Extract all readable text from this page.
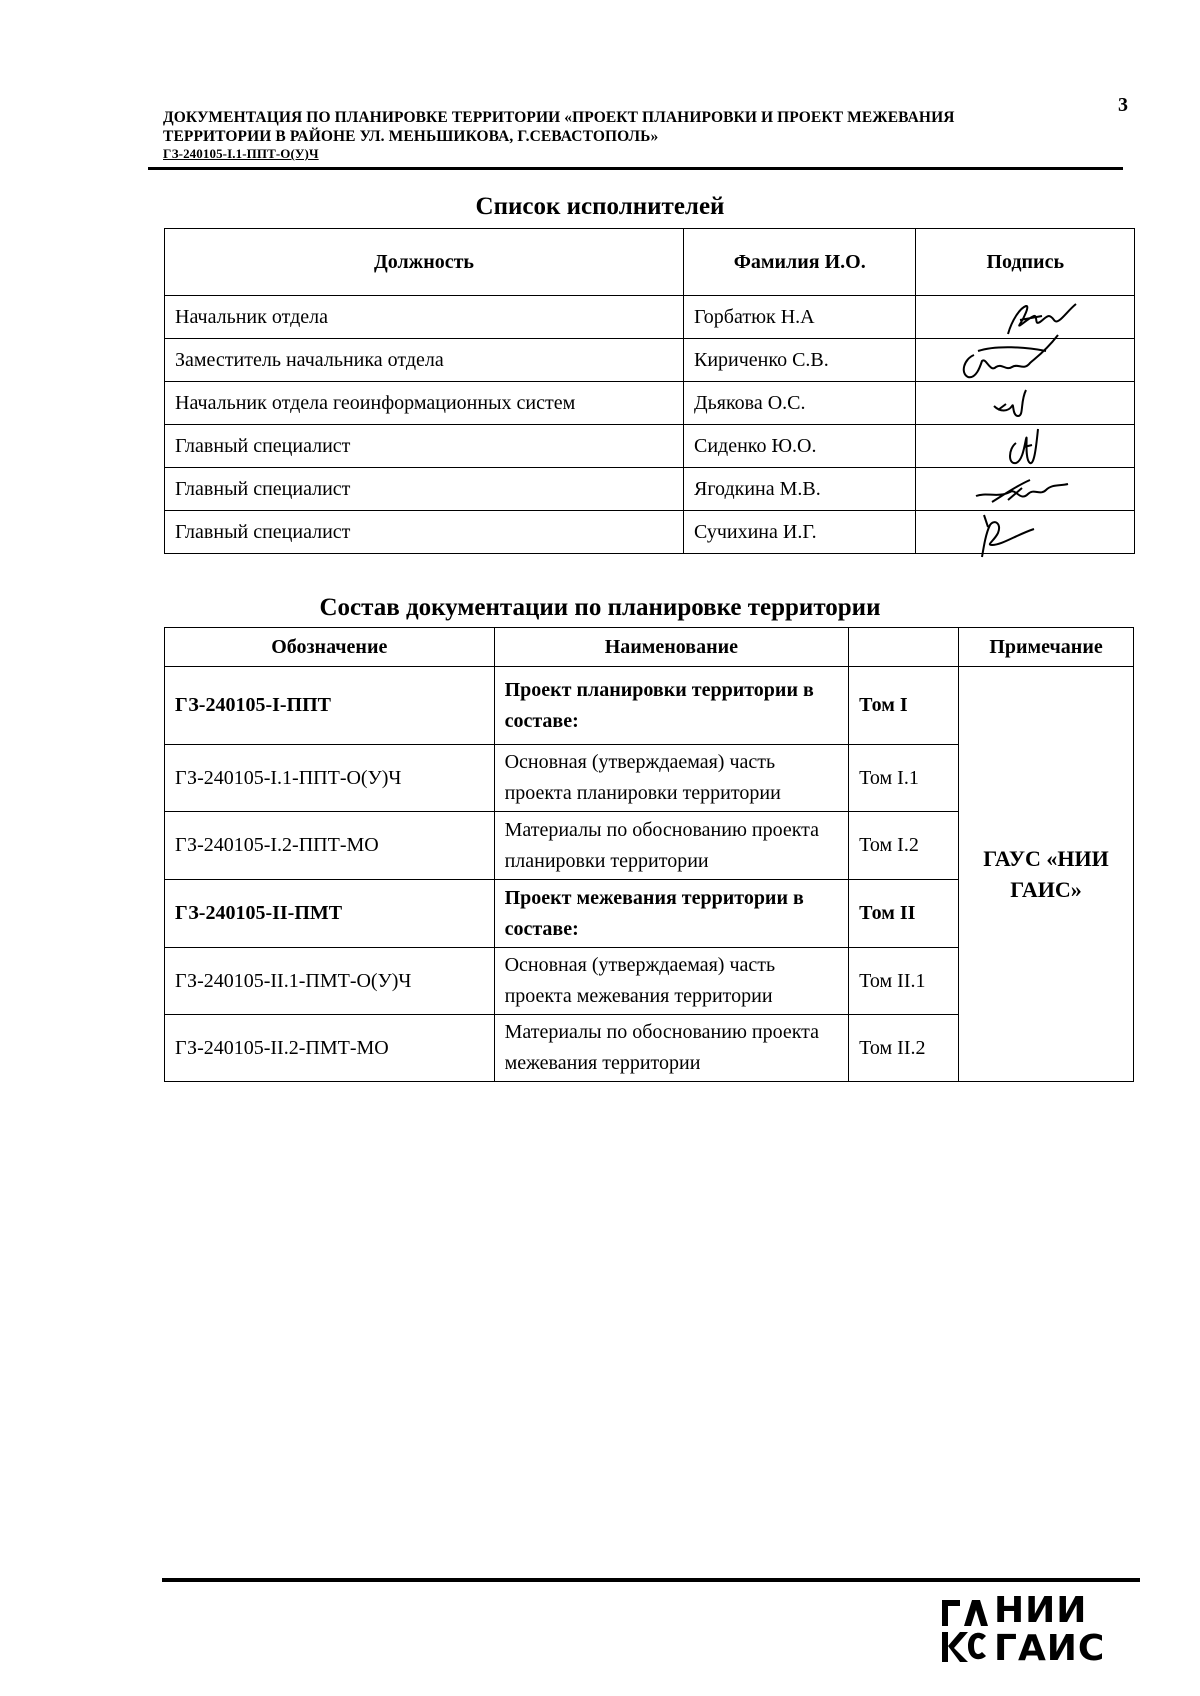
3
ДОКУМЕНТАЦИЯ ПО ПЛАНИРОВКЕ ТЕРРИТОРИИ «ПРОЕКТ ПЛАНИРОВКИ И ПРОЕКТ МЕЖЕВАНИЯ
ТЕРРИТОРИИ В РАЙОНЕ УЛ. МЕНЬШИКОВА, Г.СЕВАСТОПОЛЬ»
ГЗ-240105-I.1-ППТ-О(У)Ч
Список исполнителей
Должность	Фамилия И.О.	Подпись
Начальник отдела	Горбатюк Н.А	

Заместитель начальника отдела	Кириченко С.В.	

Начальник отдела геоинформационных систем	Дьякова О.С.	

Главный специалист	Сиденко Ю.О.	

Главный специалист	Ягодкина М.В.	

Главный специалист	Сучихина И.Г.	
Состав документации по планировке территории
Обозначение	Наименование		Примечание
ГЗ-240105-I-ППТ	Проект планировки территории в составе:	Том I	ГАУС «НИИ ГАИС»
ГЗ-240105-I.1-ППТ-О(У)Ч	Основная (утверждаемая) часть проекта планировки территории	Том I.1	
ГЗ-240105-I.2-ППТ-МО	Материалы по обоснованию проекта планировки территории	Том I.2	
ГЗ-240105-II-ПМТ	Проект межевания территории в составе:	Том II	
ГЗ-240105-II.1-ПМТ-О(У)Ч	Основная (утверждаемая) часть проекта межевания территории	Том II.1	
ГЗ-240105-II.2-ПМТ-МО	Материалы по обоснованию проекта межевания территории	Том II.2	
НИИ
ГАИС
